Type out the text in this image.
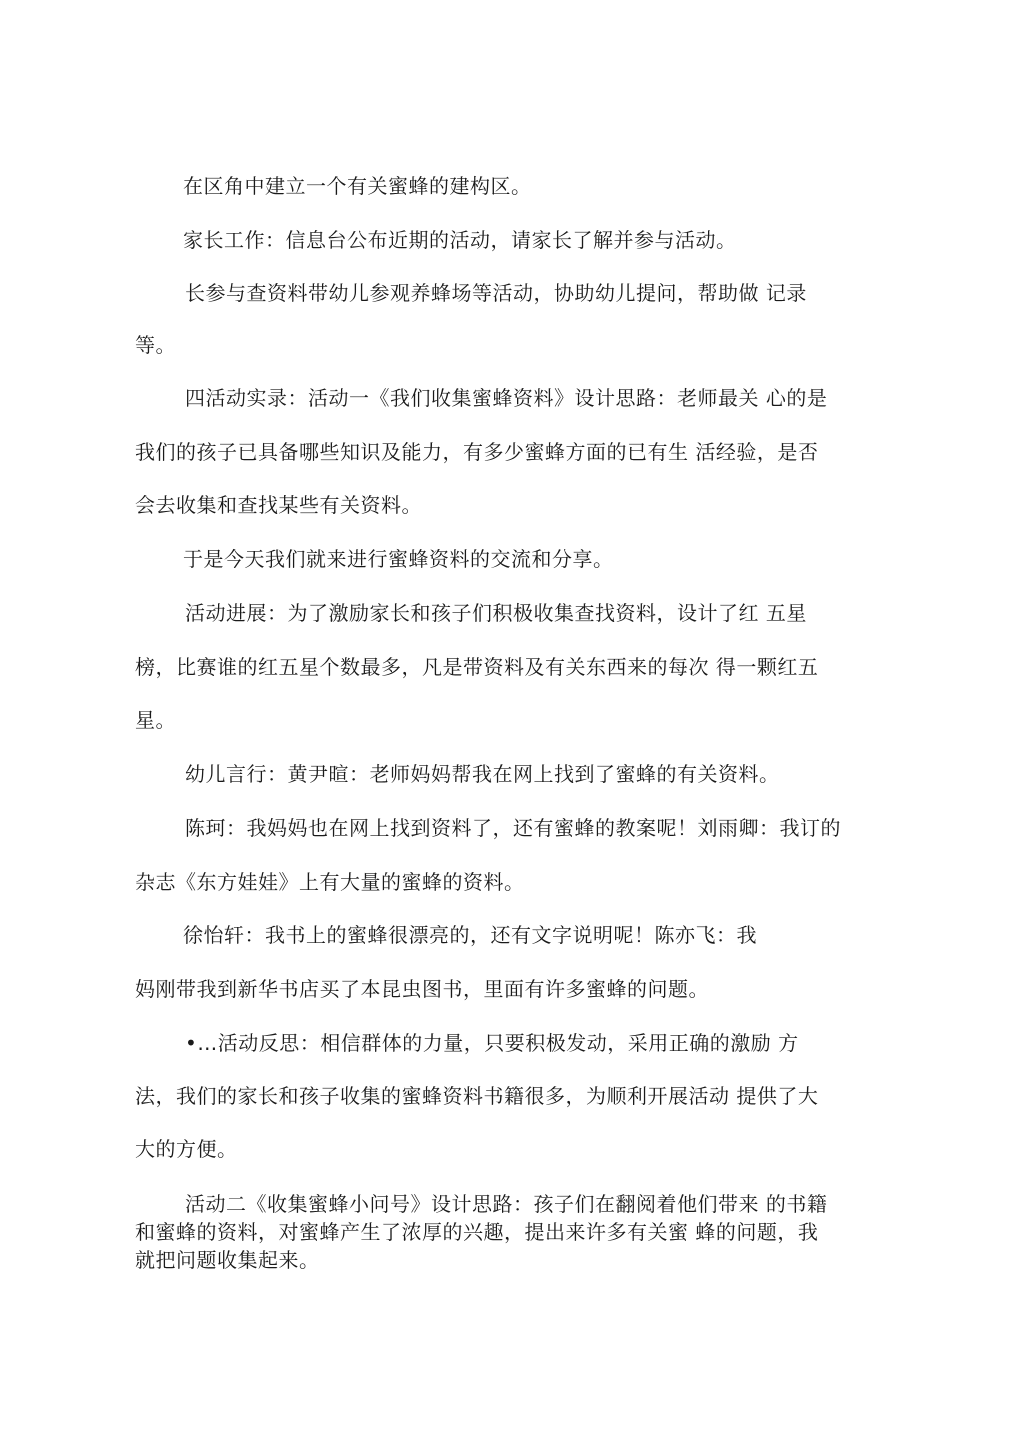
在区角中建立一个有关蜜蜂的建构区。
家长工作：信息台公布近期的活动，请家长了解并参与活动。
长参与查资料带幼儿参观养蜂场等活动，协助幼儿提问，帮助做 记录
等。
四活动实录：活动一《我们收集蜜蜂资料》设计思路：老师最关 心的是
我们的孩子已具备哪些知识及能力，有多少蜜蜂方面的已有生 活经验，是否
会去收集和查找某些有关资料。
于是今天我们就来进行蜜蜂资料的交流和分享。
活动进展：为了激励家长和孩子们积极收集查找资料，设计了红 五星
榜，比赛谁的红五星个数最多，凡是带资料及有关东西来的每次 得一颗红五
星。
幼儿言行：黄尹暄：老师妈妈帮我在网上找到了蜜蜂的有关资料。
陈珂：我妈妈也在网上找到资料了，还有蜜蜂的教案呢！刘雨卿：我订的
杂志《东方娃娃》上有大量的蜜蜂的资料。
徐怡轩：我书上的蜜蜂很漂亮的，还有文字说明呢！陈亦飞：我
妈刚带我到新华书店买了本昆虫图书，里面有许多蜜蜂的问题。
•…活动反思：相信群体的力量，只要积极发动，采用正确的激励 方
法，我们的家长和孩子收集的蜜蜂资料书籍很多，为顺利开展活动 提供了大
大的方便。
活动二《收集蜜蜂小问号》设计思路：孩子们在翻阅着他们带来 的书籍
和蜜蜂的资料，对蜜蜂产生了浓厚的兴趣，提出来许多有关蜜 蜂的问题，我
就把问题收集起来。
